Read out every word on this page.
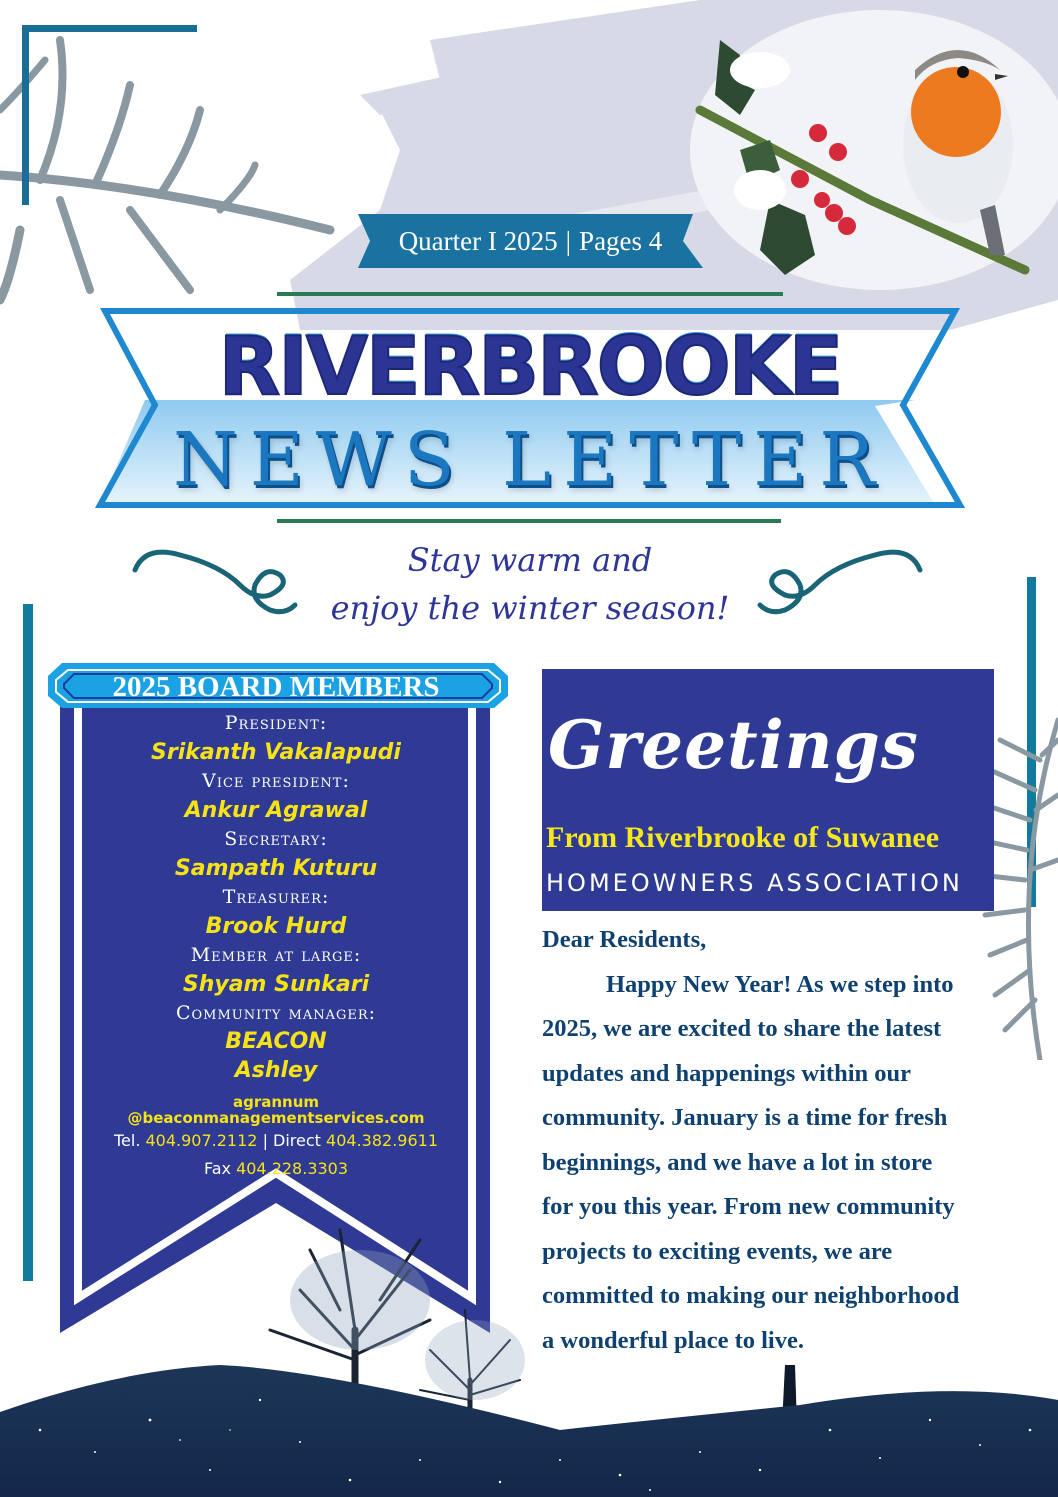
Quarter I 2025 | Pages 4
RIVERBROOKE
NEWS LETTER
Stay warm and
enjoy the winter season!
2025 BOARD MEMBERS
President:
Srikanth Vakalapudi
Vice president:
Ankur Agrawal
Secretary:
Sampath Kuturu
Treasurer:
Brook Hurd
Member at large:
Shyam Sunkari
Community manager:
BEACON
Ashley
agrannum
@beaconmanagementservices.com
Tel. 404.907.2112 | Direct 404.382.9611
Fax 404.228.3303
Greetings
From Riverbrooke of Suwanee
HOMEOWNERS ASSOCIATION
Dear Residents,
Happy New Year! As we step into
2025, we are excited to share the latest
updates and happenings within our
community. January is a time for fresh
beginnings, and we have a lot in store
for you this year. From new community
projects to exciting events, we are
committed to making our neighborhood
a wonderful place to live.
